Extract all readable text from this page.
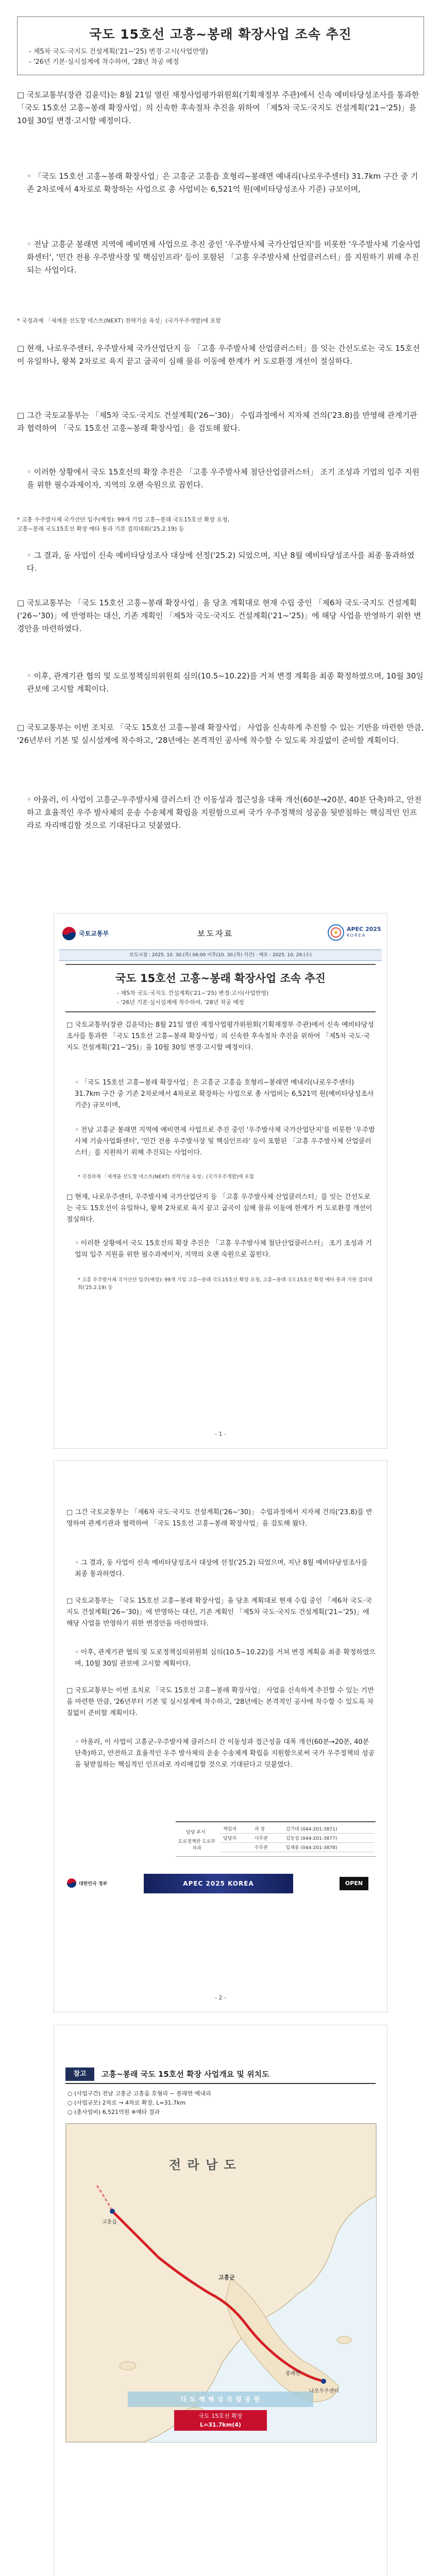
국도 15호선 고흥~봉래 확장사업 조속 추진
- 제5차 국도·국지도 건설계획('21~'25) 변경·고시(사업반영)
- '26년 기본·실시설계에 착수하여, '28년 착공 예정
□ 국토교통부(장관 김윤덕)는 8월 21일 열린 재정사업평가위원회(기획재정부 주관)에서 신속 예비타당성조사를 통과한 「국도 15호선 고흥~봉래 확장사업」의 신속한 후속절차 추진을 위하여 「제5차 국도·국지도 건설계획('21~'25)」을 10월 30일 변경·고시할 예정이다.
◦ 「국도 15호선 고흥~봉래 확장사업」은 고흥군 고흥읍 호형리~봉래면 예내리(나로우주센터) 31.7km 구간 중 기존 2차로에서 4차로로 확장하는 사업으로 총 사업비는 6,521억 원(예비타당성조사 기준) 규모이며,
◦ 전남 고흥군 봉래면 지역에 예비면제 사업으로 추진 중인 '우주발사체 국가산업단지'를 비롯한 '우주발사체 기술사업화센터', '민간 전용 우주발사장 및 핵심인프라' 등이 포함된 「고흥 우주발사체 산업클러스터」를 지원하기 위해 추진되는 사업이다.
* 국정과제 「세계를 선도할 넥스트(NEXT) 전략기술 육성」(국가우주개발)에 포함
□ 현재, 나로우주센터, 우주발사체 국가산업단지 등 「고흥 우주발사체 산업클러스터」를 잇는 간선도로는 국도 15호선이 유일하나, 왕복 2차로로 육지 끝고 굽곡이 심해 물류 이동에 한계가 커 도로환경 개선이 절실하다.
□ 그간 국토교통부는 「제5차 국도·국지도 건설계획('26~'30)」 수립과정에서 지자체 건의('23.8)를 반영해 관계기관과 협력하여 「국도 15호선 고흥~봉래 확장사업」을 검토해 왔다.
◦ 이러한 상황에서 국도 15호선의 확장 추진은 「고흥 우주발사체 첨단산업클러스터」 조기 조성과 기업의 입주 지원을 위한 필수과제이자, 지역의 오랜 숙원으로 꼽힌다.
* 고흥 우주발사체 국가산단 입주(예정): 99개 기업 고흥~봉래 국도15호선 확장 요청,
고흥~봉래 국도15호선 확장 예타 통과 기본 결의대회('25.2.19) 등
◦ 그 결과, 동 사업이 신속 예비타당성조사 대상에 선정('25.2) 되었으며, 지난 8월 예비타당성조사를 최종 통과하였다.
□ 국토교통부는 「국도 15호선 고흥~봉래 확장사업」을 당초 계획대로 현재 수립 중인 「제6차 국도·국지도 건설계획('26~'30)」에 반영하는 대신, 기존 계획인 「제5차 국도·국지도 건설계획('21~'25)」에 해당 사업을 반영하기 위한 변경안을 마련하였다.
◦ 이후, 관계기관 협의 및 도로정책심의위원회 심의(10.5~10.22)를 거쳐 변경 계획을 최종 확정하였으며, 10월 30일 관보에 고시할 계획이다.
□ 국토교통부는 이번 조치로 「국도 15호선 고흥~봉래 확장사업」 사업을 신속하게 추진할 수 있는 기반을 마련한 만큼, '26년부터 기본 및 실시설계에 착수하고, '28년에는 본격적인 공사에 착수할 수 있도록 차질없이 준비할 계획이다.
◦ 아울러, 이 사업이 고흥군-우주발사체 클러스터 간 이동성과 접근성을 대폭 개선(60분→20분, 40분 단축)하고, 안전하고 효율적인 우주 발사체의 운송 수송체계 확립을 지원함으로써 국가 우주정책의 성공을 뒷받침하는 핵심적인 인프라로 자리매김할 것으로 기대된다고 덧붙였다.
국토교통부	보도자료	APEC 2025
KOREA
보도시점 : 2025. 10. 30.(목) 06:00 이후(10. 30.(목) 석간) · 배포 : 2025. 10. 29.(수)
국도 15호선 고흥~봉래 확장사업 조속 추진
- 제5차 국도·국지도 건설계획('21~'25) 변경·고시(사업반영)
- '26년 기본·실시설계에 착수하여, '28년 착공 예정
□ 국토교통부(장관 김윤덕)는 8월 21일 열린 재정사업평가위원회(기획재정부 주관)에서 신속 예비타당성조사를 통과한 「국도 15호선 고흥~봉래 확장사업」의 신속한 후속절차 추진을 위하여 「제5차 국도·국지도 건설계획('21~'25)」을 10월 30일 변경·고시할 예정이다.
◦ 「국도 15호선 고흥~봉래 확장사업」은 고흥군 고흥읍 호형리~봉래면 예내리(나로우주센터) 31.7km 구간 중 기존 2차로에서 4차로로 확장하는 사업으로 총 사업비는 6,521억 원(예비타당성조사 기준) 규모이며,
◦ 전남 고흥군 봉래면 지역에 예비면제 사업으로 추진 중인 '우주발사체 국가산업단지'를 비롯한 '우주발사체 기술사업화센터', '민간 전용 우주발사장 및 핵심인프라' 등이 포함된 「고흥 우주발사체 산업클러스터」를 지원하기 위해 추진되는 사업이다.
* 국정과제 「세계를 선도할 넥스트(NEXT) 전략기술 육성」(국가우주개발)에 포함
□ 현재, 나로우주센터, 우주발사체 국가산업단지 등 「고흥 우주발사체 산업클러스터」를 잇는 간선도로는 국도 15호선이 유일하나, 왕복 2차로로 육지 끝고 굽곡이 심해 물류 이동에 한계가 커 도로환경 개선이 절실하다.
◦ 이러한 상황에서 국도 15호선의 확장 추진은 「고흥 우주발사체 첨단산업클러스터」 조기 조성과 기업의 입주 지원을 위한 필수과제이자, 지역의 오랜 숙원으로 꼽힌다.
* 고흥 우주발사체 국가산단 입주(예정): 99개 기업 고흥~봉래 국도15호선 확장 요청, 고흥~봉래 국도15호선 확장 예타 통과 기원 결의대회('25.2.19) 등
- 1 -
□ 그간 국토교통부는 「제6차 국도·국지도 건설계획('26~'30)」 수립과정에서 지자체 건의('23.8)를 반영하여 관계기관과 협력하여 「국도 15호선 고흥~봉래 확장사업」을 검토해 왔다.
◦ 그 결과, 동 사업이 신속 예비타당성조사 대상에 선정('25.2) 되었으며, 지난 8월 예비타당성조사를 최종 통과하였다.
□ 국토교통부는 「국도 15호선 고흥~봉래 확장사업」을 당초 계획대로 현재 수립 중인 「제6차 국도·국지도 건설계획('26~'30)」에 반영하는 대신, 기존 계획인 「제5차 국도·국지도 건설계획('21~'25)」에 해당 사업을 반영하기 위한 변경안을 마련하였다.
◦ 이후, 관계기관 협의 및 도로정책심의위원회 심의(10.5~10.22)를 거쳐 변경 계획을 최종 확정하였으며, 10월 30일 관보에 고시할 계획이다.
□ 국토교통부는 이번 조치로 「국도 15호선 고흥~봉래 확장사업」 사업을 신속하게 추진할 수 있는 기반을 마련한 만큼, '26년부터 기본 및 실시설계에 착수하고, '28년에는 본격적인 공사에 착수할 수 있도록 차질없이 준비할 계획이다.
◦ 아울러, 이 사업이 고흥군-우주발사체 클러스터 간 이동성과 접근성을 대폭 개선(60분→20분, 40분 단축)하고, 안전하고 효율적인 우주 발사체의 운송 수송체계 확립을 지원함으로써 국가 우주정책의 성공을 뒷받침하는 핵심적인 인프라로 자리매김할 것으로 기대된다고 덧붙였다.
담당 부서
도로정책관 도로투자과
책임자	과 장	김기대 (044-201-3871)
담당자	사무관	김동섭 (044-201-3877)
	주무관	임재용 (044-201-3878)
대한민국 정부	APEC 2025 KOREA	OPEN
- 2 -
참고	고흥~봉래 국도 15호선 확장 사업개요 및 위치도
○ (사업구간) 전남 고흥군 고흥읍 호형리 ~ 봉래면 예내리
○ (사업규모) 2차로 → 4차로 확장, L=31.7km
○ (총사업비) 6,521억원 ※예타 결과
전 라 남 도
고흥군
고흥읍
나로우주센터
봉래면
다 도 해 해 상 국 립 공 원
국도 15호선 확장
L=31.7km(4)
